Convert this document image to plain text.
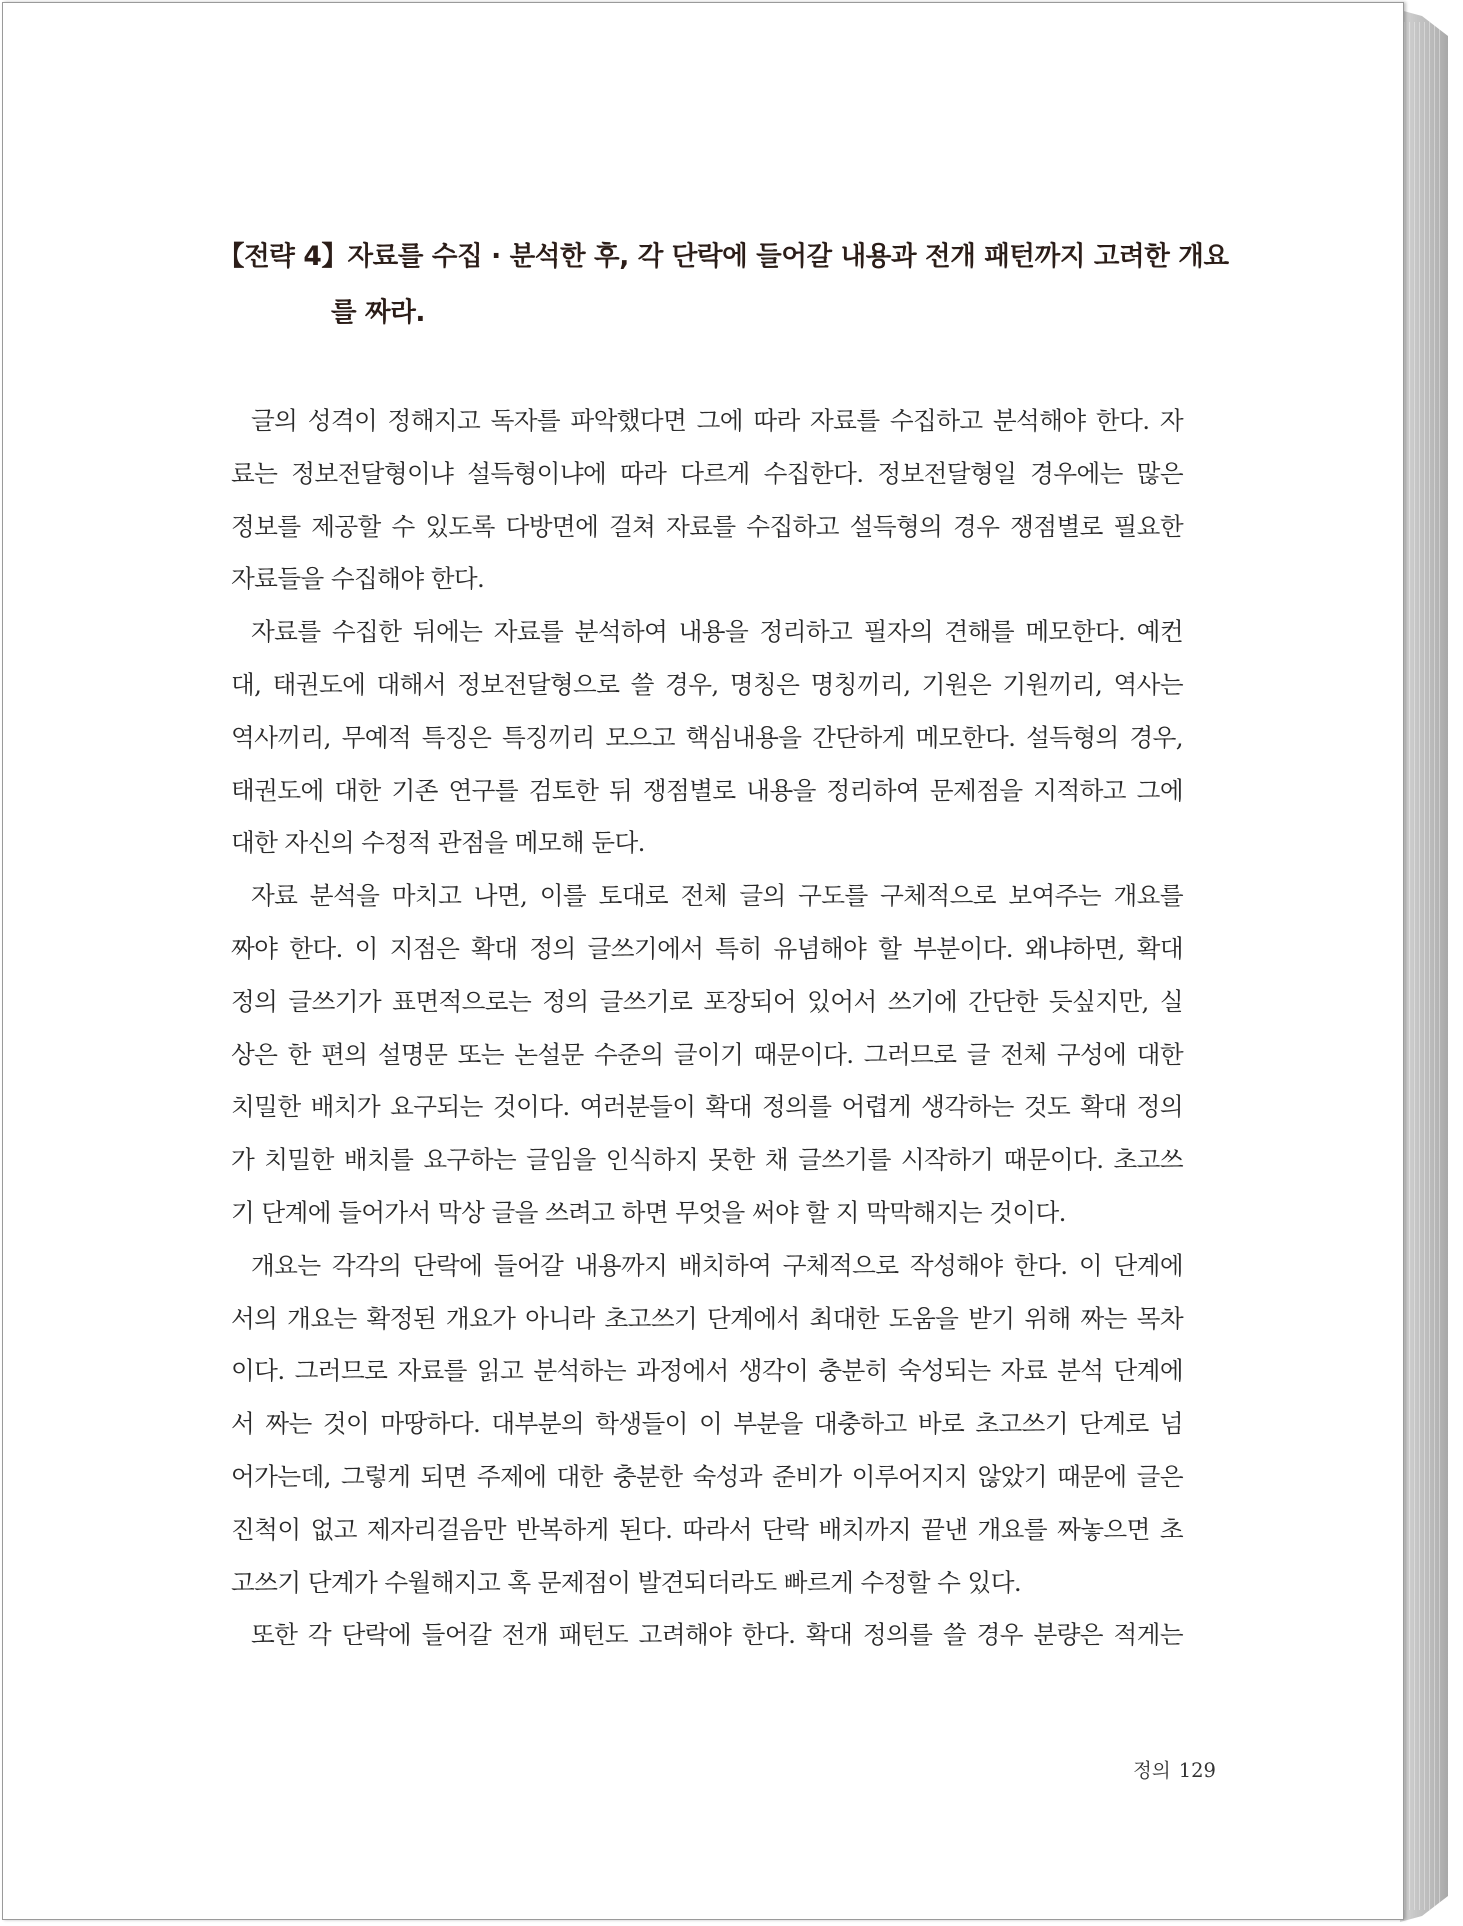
【전략 4】자료를 수집 · 분석한 후, 각 단락에 들어갈 내용과 전개 패턴까지 고려한 개요
를 짜라.
글의 성격이 정해지고 독자를 파악했다면 그에 따라 자료를 수집하고 분석해야 한다. 자
료는 정보전달형이냐 설득형이냐에 따라 다르게 수집한다. 정보전달형일 경우에는 많은
정보를 제공할 수 있도록 다방면에 걸쳐 자료를 수집하고 설득형의 경우 쟁점별로 필요한
자료들을 수집해야 한다.
자료를 수집한 뒤에는 자료를 분석하여 내용을 정리하고 필자의 견해를 메모한다. 예컨
대, 태권도에 대해서 정보전달형으로 쓸 경우, 명칭은 명칭끼리, 기원은 기원끼리, 역사는
역사끼리, 무예적 특징은 특징끼리 모으고 핵심내용을 간단하게 메모한다. 설득형의 경우,
태권도에 대한 기존 연구를 검토한 뒤 쟁점별로 내용을 정리하여 문제점을 지적하고 그에
대한 자신의 수정적 관점을 메모해 둔다.
자료 분석을 마치고 나면, 이를 토대로 전체 글의 구도를 구체적으로 보여주는 개요를
짜야 한다. 이 지점은 확대 정의 글쓰기에서 특히 유념해야 할 부분이다. 왜냐하면, 확대
정의 글쓰기가 표면적으로는 정의 글쓰기로 포장되어 있어서 쓰기에 간단한 듯싶지만, 실
상은 한 편의 설명문 또는 논설문 수준의 글이기 때문이다. 그러므로 글 전체 구성에 대한
치밀한 배치가 요구되는 것이다. 여러분들이 확대 정의를 어렵게 생각하는 것도 확대 정의
가 치밀한 배치를 요구하는 글임을 인식하지 못한 채 글쓰기를 시작하기 때문이다. 초고쓰
기 단계에 들어가서 막상 글을 쓰려고 하면 무엇을 써야 할 지 막막해지는 것이다.
개요는 각각의 단락에 들어갈 내용까지 배치하여 구체적으로 작성해야 한다. 이 단계에
서의 개요는 확정된 개요가 아니라 초고쓰기 단계에서 최대한 도움을 받기 위해 짜는 목차
이다. 그러므로 자료를 읽고 분석하는 과정에서 생각이 충분히 숙성되는 자료 분석 단계에
서 짜는 것이 마땅하다. 대부분의 학생들이 이 부분을 대충하고 바로 초고쓰기 단계로 넘
어가는데, 그렇게 되면 주제에 대한 충분한 숙성과 준비가 이루어지지 않았기 때문에 글은
진척이 없고 제자리걸음만 반복하게 된다. 따라서 단락 배치까지 끝낸 개요를 짜놓으면 초
고쓰기 단계가 수월해지고 혹 문제점이 발견되더라도 빠르게 수정할 수 있다.
또한 각 단락에 들어갈 전개 패턴도 고려해야 한다. 확대 정의를 쓸 경우 분량은 적게는
정의 129
